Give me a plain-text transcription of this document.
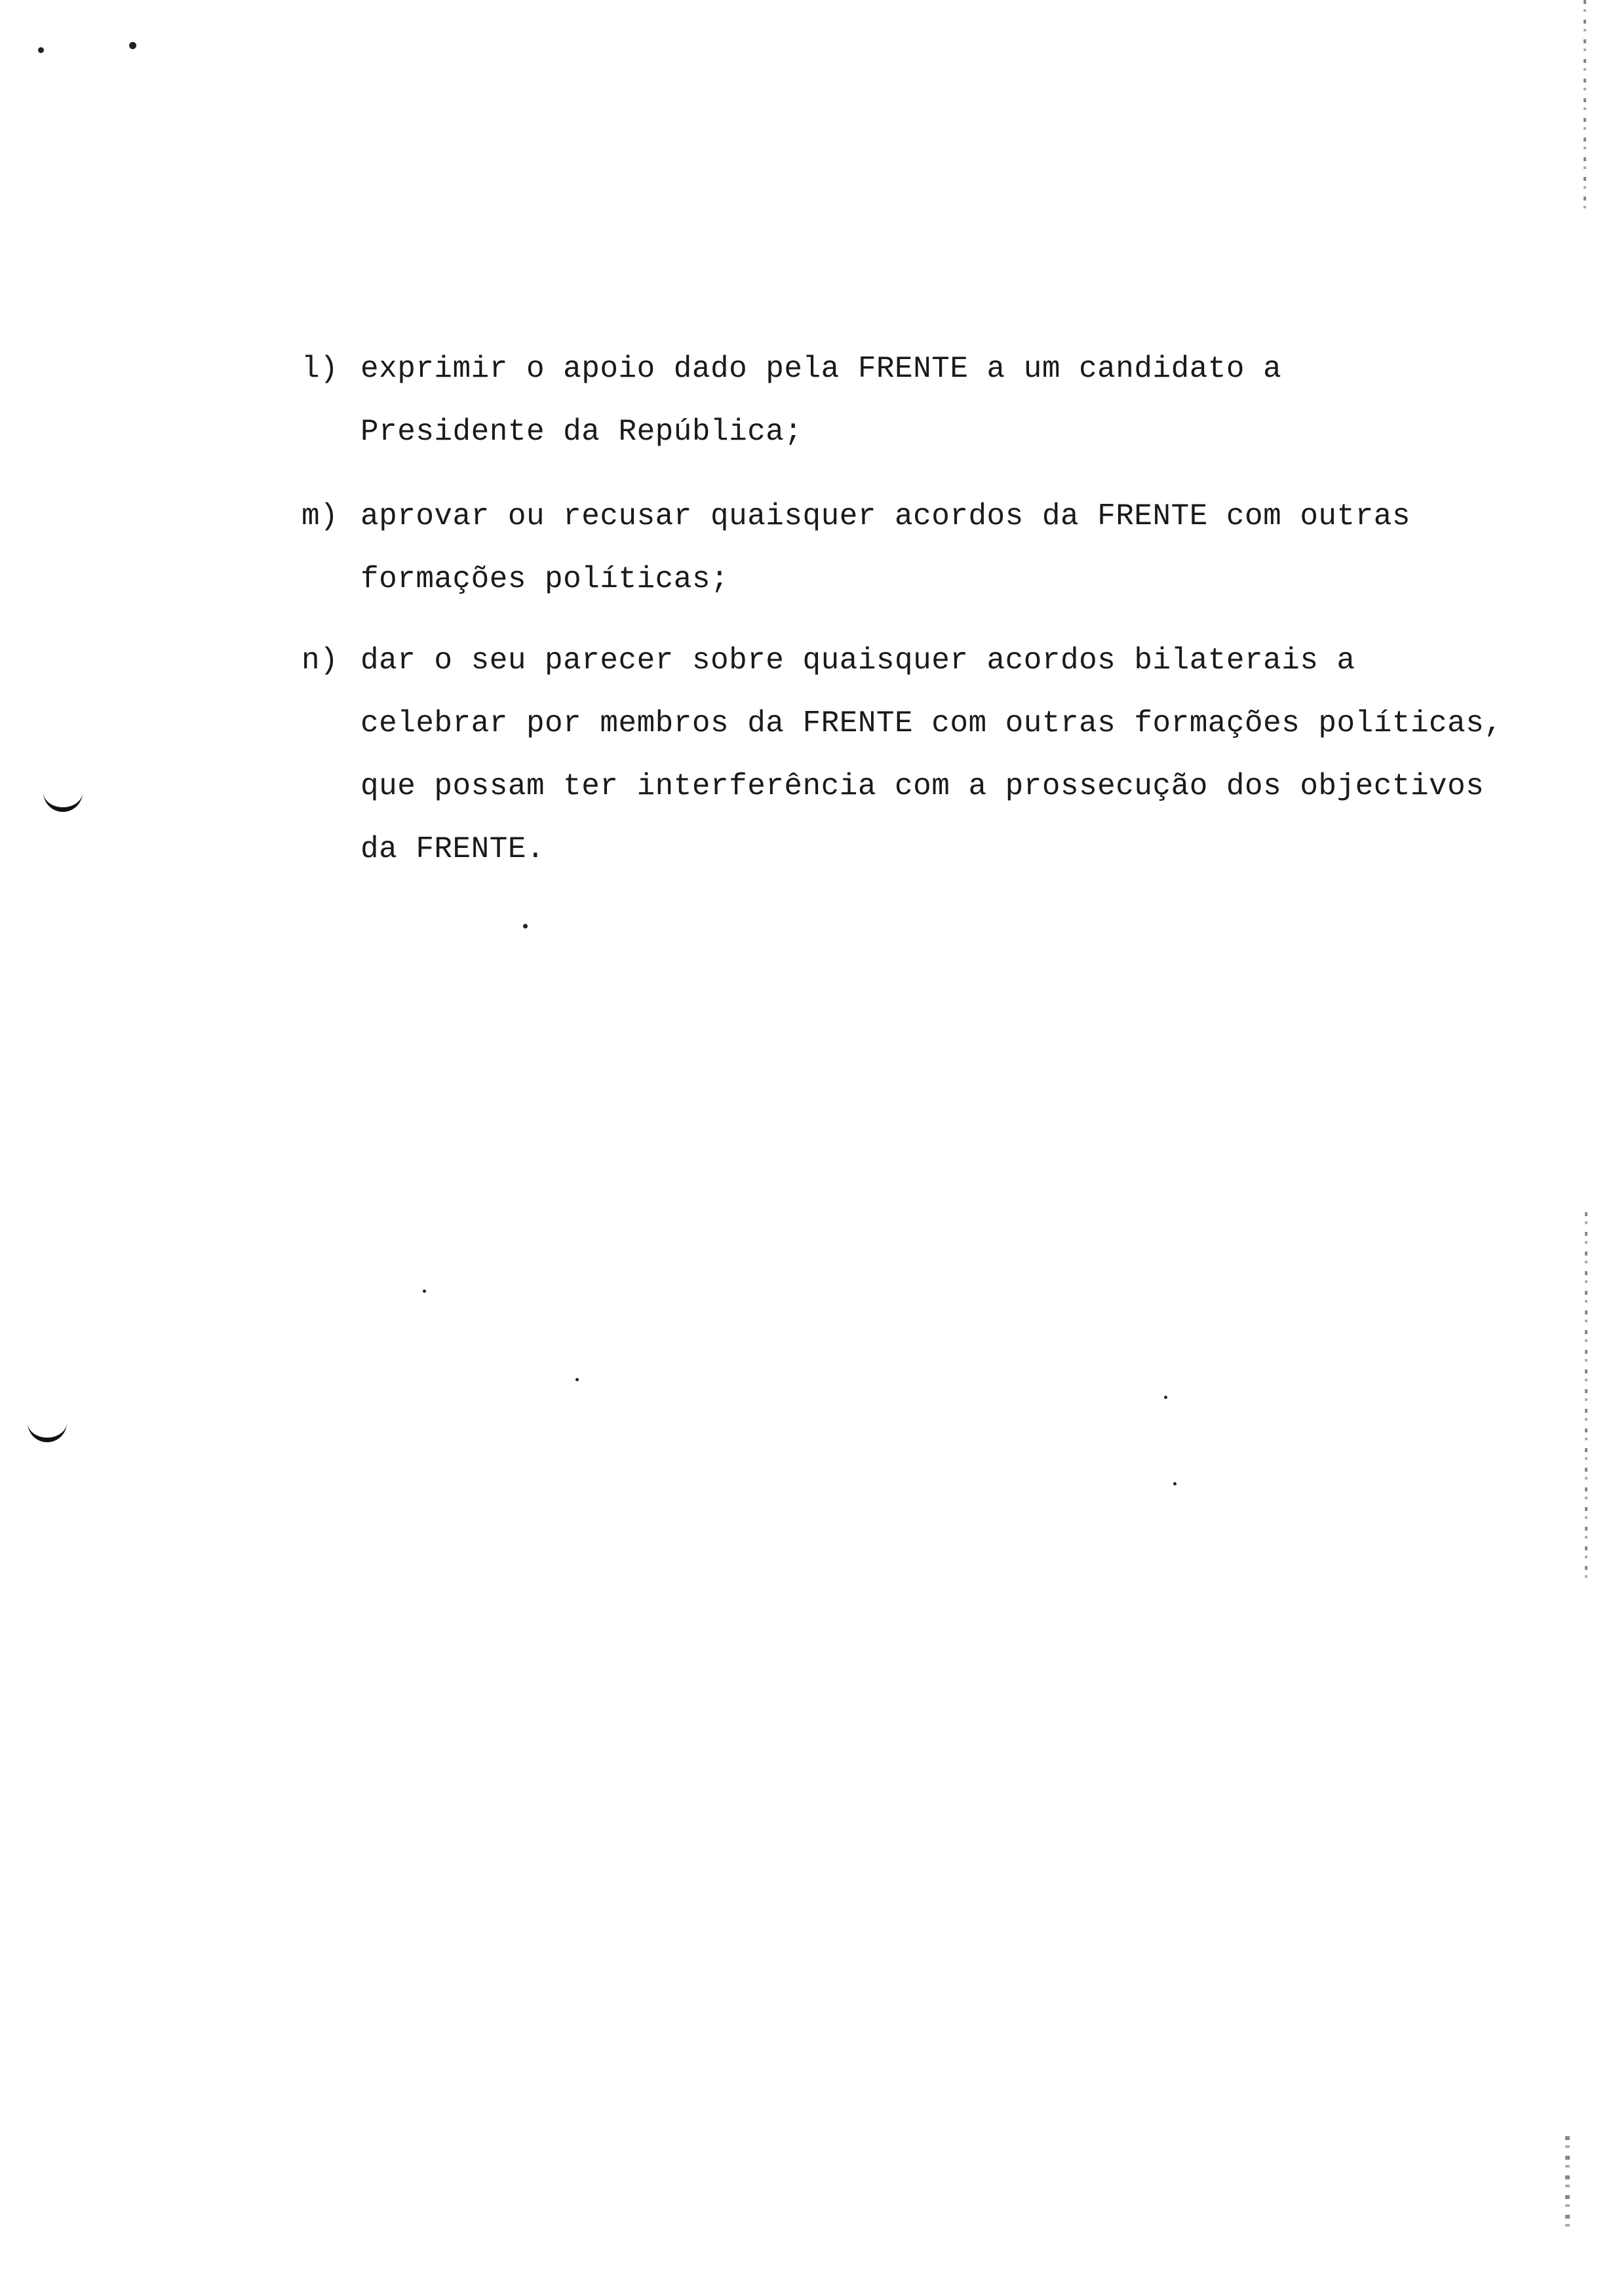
l) exprimir o apoio dado pela FRENTE a um candidato a
Presidente da República;
m) aprovar ou recusar quaisquer acordos da FRENTE com outras
formações políticas;
n) dar o seu parecer sobre quaisquer acordos bilaterais a
celebrar por membros da FRENTE com outras formações políticas,
que possam ter interferência com a prossecução dos objectivos
da FRENTE.
